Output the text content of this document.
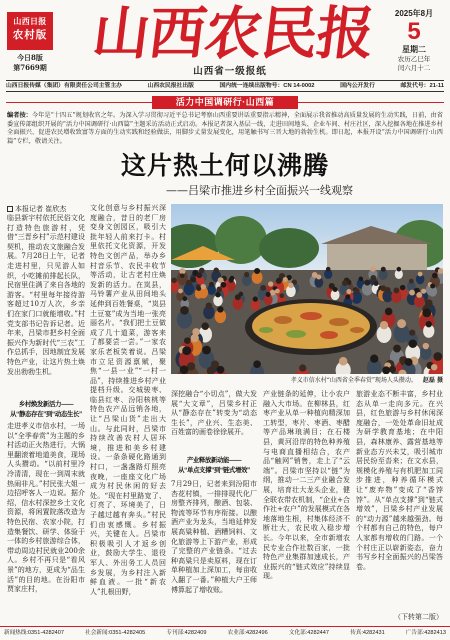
山西日报
农村版
今日8版
第7669期
山西农民报
山西省一级报纸
2025年8月
5
星期二
农历乙巳年
闰六月十二
山西日报传媒（集团）有限责任公司主管主办	山西农民报社出版	国内统一连续出版物号：CN 14-0002	国内公开发行	邮发代号：21-11
活力中国调研行·山西篇
编者按：今年是“十四五”规划收官之年。为深入学习贯彻习近平总书记考察山西重要讲话重要指示精神，全面展示我省推动高质量发展的生动实践，日前，由省委宣传部组织开展的“活力中国调研行·山西篇”主题采访活动正式启动。本报记者深入基层一线，走进田间地头、企业车间、村庄社区，深入挖掘各地在推进乡村全面振兴、促进农民增收致富等方面的生动实践和经验做法，用脚步丈量发展变化，用笔触书写三晋大地的勃勃生机。即日起，本报开设“活力中国调研行·山西篇”专栏，敬请关注。
这片热土何以沸腾
——吕梁市推进乡村全面振兴一线观察
本报记者 崔欣杰
临县新宇村依托民俗文化打造特色旅游村，凭借“三晋乡村”示范村建设契机，推动农文旅融合发展。7月28日上午，记者走进村里，只见游人如织，小吃摊前排起长队，民宿里住满了来自各地的游客。“村里每年接待游客超过10万人次，乡亲们在家门口就能增收。”村党支部书记告诉记者。近年来，吕梁市把乡村全面振兴作为新时代“三农”工作总抓手，因地制宜发展特色产业，让这片热土焕发出勃勃生机。
乡村焕发新活力——
从“静态存在”到“动态生长”
走进孝义市信水村，一场以“全季春赏”为主题的乡村活动正火热进行，大锅里翻滚着地道美食，现场人头攒动。“以前村里冷冷清清，现在一到周末就热闹非凡。”村民张大姐一边招呼客人一边说。据介绍，信水村深挖乡土文化资源，将闲置院落改造为特色民宿、农家小院，打造集餐饮、研学、体验于一体的乡村旅游综合体，带动周边村民就业200余人。乡村不再只是“看风景”的地方，更成为“品生活”的目的地。在汾阳市贾家庄村，
文化创意与乡村振兴深度融合，昔日的老厂房变身文创园区，吸引大批年轻人前来打卡。村里依托文化资源，开发特色文创产品，举办乡村音乐节、农民丰收节等活动，让古老村庄焕发新的活力。在岚县，马铃薯产业从田间地头延伸到百姓餐桌，“岚县土豆宴”成为当地一张亮丽名片。“我们把土豆做成了几十道菜，游客来了都要尝一尝。”一家农家乐老板笑着说。吕梁市立足资源禀赋，聚焦“一县一业”“一村一品”，持续推进乡村产业提档升级。交城骏枣、临县红枣、汾阳核桃等特色农产品远销各地，让“吕梁山货”走出大山。与此同时，吕梁市持续改善农村人居环境，推进和美乡村建设。一条条硬化路通到村口，一盏盏路灯照亮夜晚，一座座文化广场成为村民休闲的好去处。“现在村里路宽了、灯亮了、环境美了，日子越过越有奔头。”村民们由衷感慨。乡村振兴，关键在人。吕梁市积极吸引人才返乡创业，鼓励大学生、退役军人、外出务工人员回乡发展，为乡村注入新鲜血液。一批“新农人”扎根田野，
孝义市信水村“山西省全季春赏”现场人头攒动。 赵磊 摄
深挖融合“小切点”，做大发展“大文章”，吕梁乡村正从“静态存在”转变为“动态生长”，产业兴、生态美、百姓富的画卷徐徐展开。
产业释放新动能——
从“单点支撑”到“链式增效”
7月29日，记者来到汾阳市杏花村镇，一排排现代化厂房整齐排列，酿酒、包装、物流等环节有序衔接。以酿酒产业为龙头，当地延伸发展高粱种植、酒糟饲料、文化旅游等上下游产业，形成了完整的产业链条。“过去种高粱只是卖原料，现在订单种植加上深加工，每亩收入翻了一番。”种植大户王师傅算起了增收账。
产业链条的延伸，让小农户融入大市场。在柳林县，红枣产业从单一种植向精深加工转型，枣片、枣酒、枣醋等产品琳琅满目；在石楼县，黄河沿岸的特色种养殖与电商直播相结合，农产品“触网”销售，走上了“云端”。吕梁市坚持以“链”为纲，推动一二三产业融合发展，培育壮大龙头企业，健全联农带农机制，“企业+合作社+农户”的发展模式在各地落地生根，村集体经济不断壮大，农民收入稳步增长。今年以来，全市新增农民专业合作社数百家，一批特色产业集群加速成长，产业振兴的“链式效应”持续显现。
旅游业态不断丰富，乡村业态从单一走向多元。在兴县，红色旅游与乡村休闲深度融合，一处处革命旧址成为研学教育基地；在中阳县，森林康养、露营基地等新业态方兴未艾，吸引城市居民纷至沓来；在文水县，规模化养殖与有机肥加工同步推进，种养循环模式让“废弃物”变成了“香饽饽”。从“单点支撑”到“链式增效”，吕梁乡村产业发展的“动力源”越来越强劲。每个村都有自己的特色，每户人家都有增收的门路。一个个村庄正以崭新姿态，奋力书写乡村全面振兴的吕梁答卷。
（下转第二版）
新闻热线:0351-4282407	社会新闻:0351-4282405	专刊部:4282409	农业部:4282496	文化部:4282447	传真:4282431	广告部:4282413
